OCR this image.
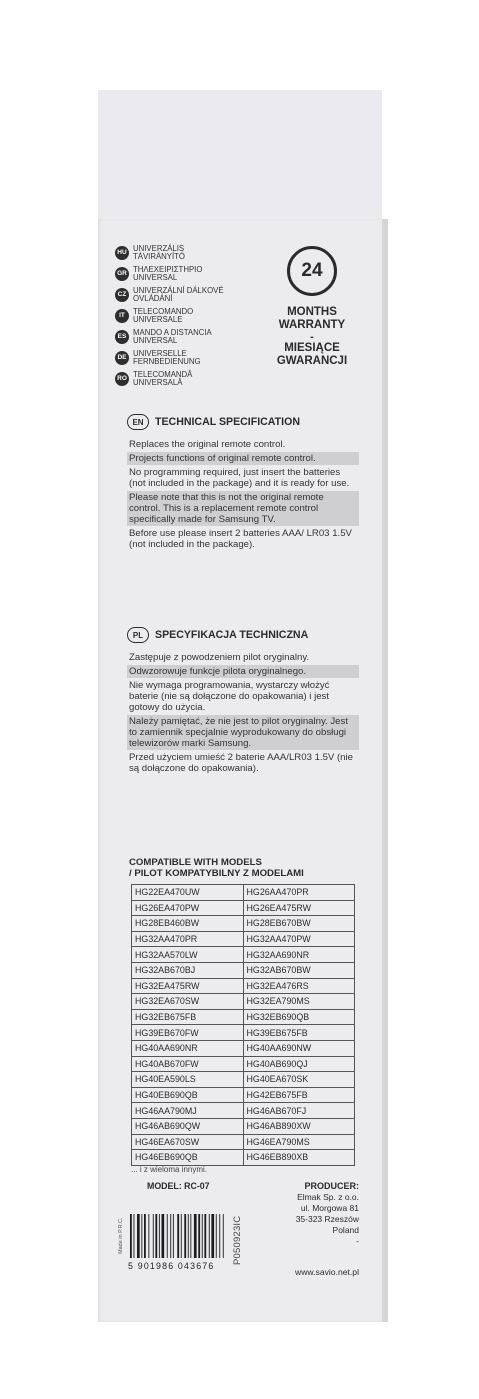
HU UNIVERZÁLIS TÁVIRÁNYÍTÓ
GR ΤΗΛΕΧΕΙΡΙΣΤΗΡΙΟ UNIVERSAL
CZ UNIVERZÁLNÍ DÁLKOVÉ OVLÁDÁNÍ
IT	TELECOMANDO UNIVERSALE
ES MANDO A DISTANCIA UNIVERSAL
DE UNIVERSELLE FERNBEDIENUNG
RO TELECOMANDĂ UNIVERSALĂ
24
MONTHS
WARRANTY
-
MIESIĄCE
GWARANCJI
EN	TECHNICAL SPECIFICATION
Replaces the original remote control.
Projects functions of original remote control.
No programming required, just insert the batteries (not included in the package) and it is ready for use.
Please note that this is not the original remote control. This is a replacement remote control specifically made for Samsung TV.
Before use please insert 2 batteries AAA/ LR03 1.5V (not included in the package).
PL	SPECYFIKACJA TECHNICZNA
Zastępuje z powodzeniem pilot oryginalny.
Odwzorowuje funkcje pilota oryginalnego.
Nie wymaga programowania, wystarczy włożyć baterie (nie są dołączone do opakowania) i jest gotowy do użycia.
Należy pamiętać, że nie jest to pilot oryginalny. Jest to zamiennik specjalnie wyprodukowany do obsługi telewizorów marki Samsung.
Przed użyciem umieść 2 baterie AAA/LR03 1.5V (nie są dołączone do opakowania).
COMPATIBLE WITH MODELS
/ PILOT KOMPATYBILNY Z MODELAMI
HG22EA470UW	HG26AA470PR
HG26EA470PW	HG26EA475RW
HG28EB460BW	HG28EB670BW
HG32AA470PR	HG32AA470PW
HG32AA570LW	HG32AA690NR
HG32AB670BJ	HG32AB670BW
HG32EA475RW	HG32EA476RS
HG32EA670SW	HG32EA790MS
HG32EB675FB	HG32EB690QB
HG39EB670FW	HG39EB675FB
HG40AA690NR	HG40AA690NW
HG40AB670FW	HG40AB690QJ
HG40EA590LS	HG40EA670SK
HG40EB690QB	HG42EB675FB
HG46AA790MJ	HG46AB670FJ
HG46AB690QW	HG46AB890XW
HG46EA670SW	HG46EA790MS
HG46EB690QB	HG46EB890XB
... i z wieloma innymi.
MODEL: RC-07	PRODUCER:
Elmak Sp. z o.o.
ul. Morgowa 81
35-323 Rzeszów
Poland
-
Made in P.R.C.
5 901986 043676
P050923IC
www.savio.net.pl
